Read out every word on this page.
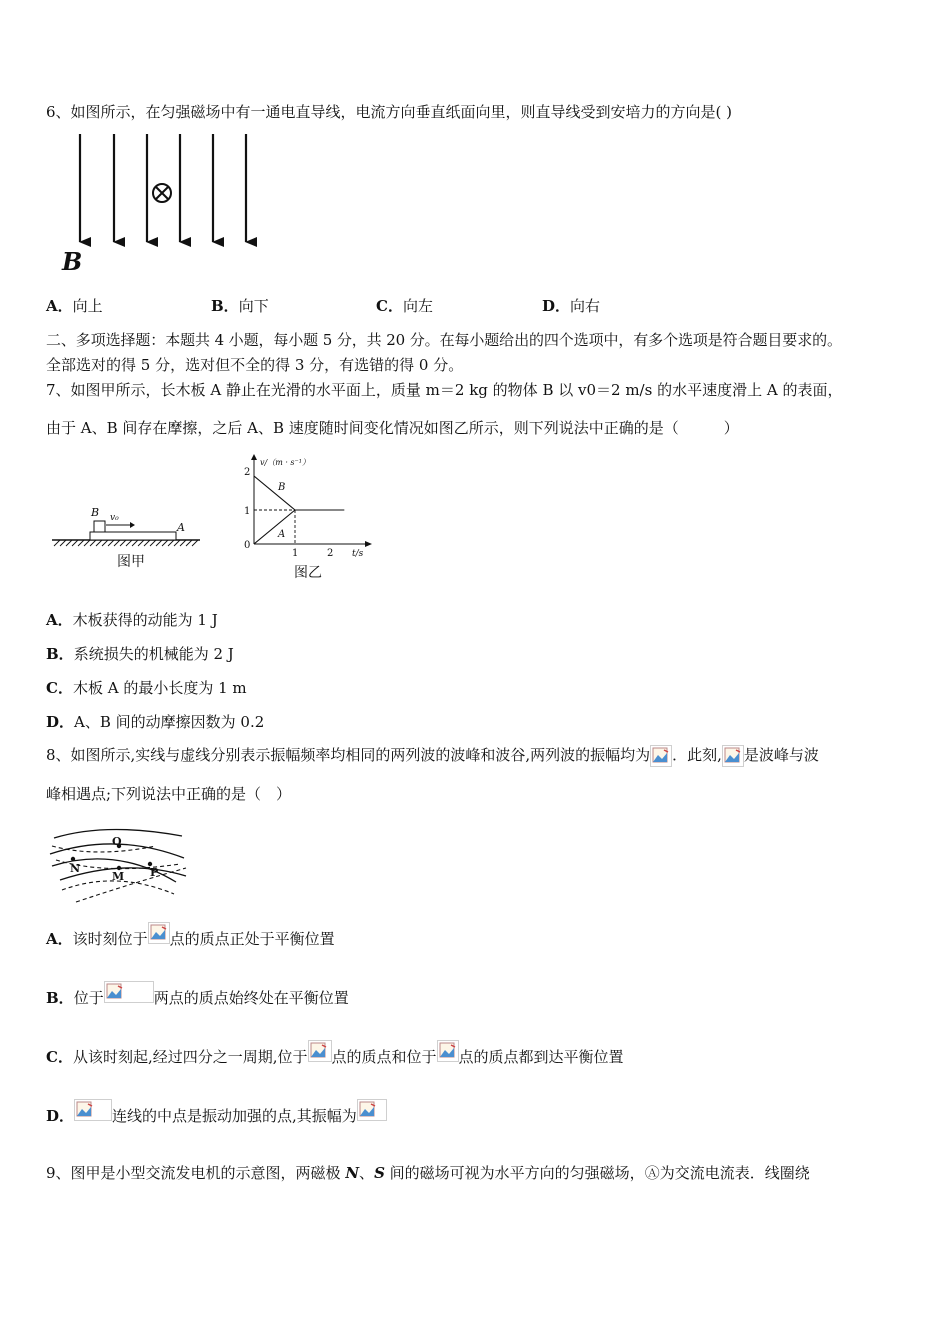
6、如图所示，在匀强磁场中有一通电直导线，电流方向垂直纸面向里，则直导线受到安培力的方向是( )
B
A．向上	B．向下	C．向左	D．向右
二、多项选择题：本题共 4 小题，每小题 5 分，共 20 分。在每小题给出的四个选项中，有多个选项是符合题目要求的。
全部选对的得 5 分，选对但不全的得 3 分，有选错的得 0 分。
7、如图甲所示，长木板 A 静止在光滑的水平面上，质量 m＝2 kg 的物体 B 以 v0＝2 m/s 的水平速度滑上 A 的表面，
由于 A、B 间存在摩擦，之后 A、B 速度随时间变化情况如图乙所示，则下列说法中正确的是（　　　）
B v₀
A
图甲
v/（m · s⁻¹）
t/s
2
1
0
1	2
B
A
图乙
A．木板获得的动能为 1 J
B．系统损失的机械能为 2 J
C．木板 A 的最小长度为 1 m
D．A、B 间的动摩擦因数为 0.2
8、如图所示,实线与虚线分别表示振幅频率均相同的两列波的波峰和波谷,两列波的振幅均为 ．此刻, 是波峰与波
峰相遇点;下列说法中正确的是（　）
Q
N
M P
A．该时刻位于 点的质点正处于平衡位置
B．位于	两点的质点始终处在平衡位置
C．从该时刻起,经过四分之一周期,位于 点的质点和位于 点的质点都到达平衡位置
D．	连线的中点是振动加强的点,其振幅为
9、图甲是小型交流发电机的示意图，两磁极 N、S 间的磁场可视为水平方向的匀强磁场，Ⓐ为交流电流表．线圈绕
